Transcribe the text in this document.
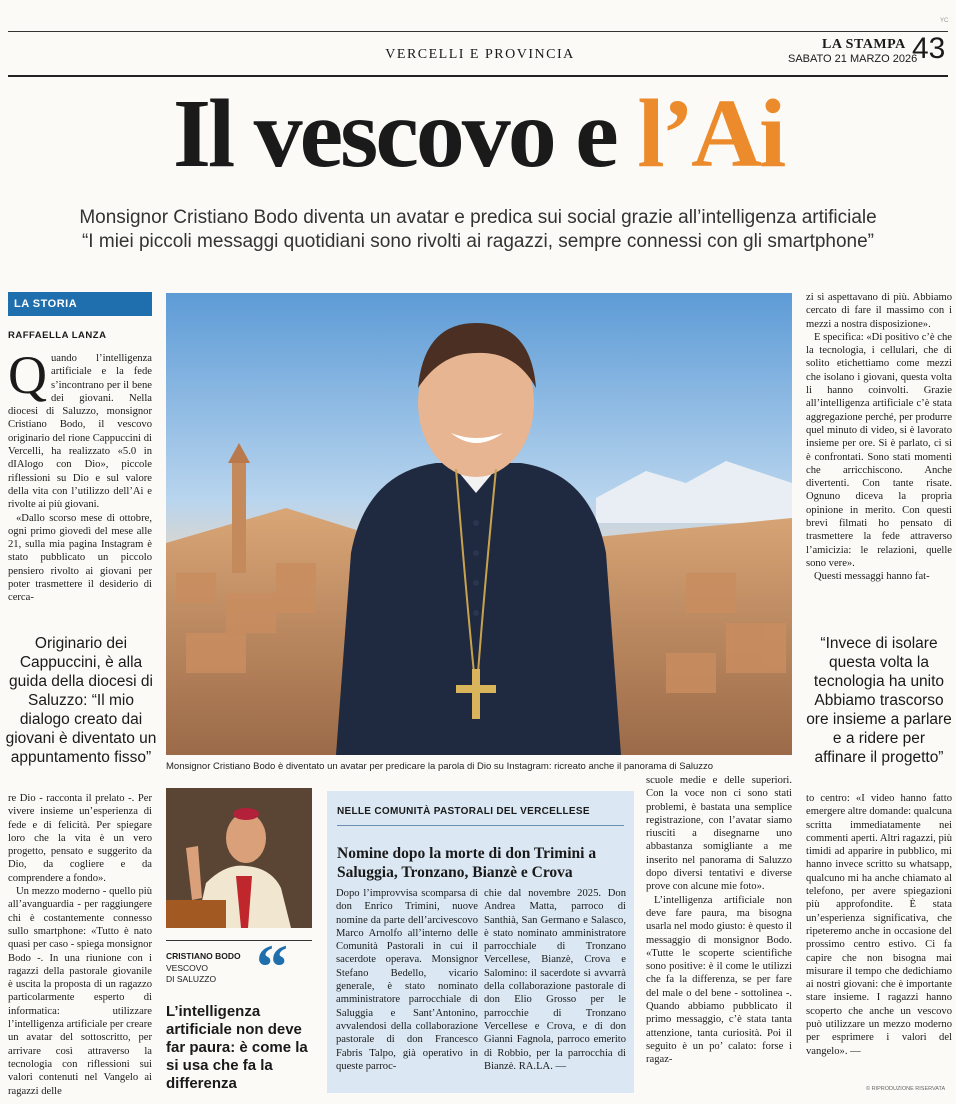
YC
VERCELLI E PROVINCIA
LA STAMPA
SABATO 21 MARZO 2026
43
Il vescovo e l’Ai
Monsignor Cristiano Bodo diventa un avatar e predica sui social grazie all’intelligenza artificiale
“I miei piccoli messaggi quotidiani sono rivolti ai ragazzi, sempre connessi con gli smartphone”
LA STORIA
RAFFAELLA LANZA
Q uando l’intelligenza artificiale e la fede s’incontrano per il bene dei giovani. Nella diocesi di Saluzzo, monsignor Cristiano Bodo, il vescovo originario del rione Cappuccini di Vercelli, ha realizzato «5.0 in dIAlogo con Dio», piccole riflessioni su Dio e sul valore della vita con l’utilizzo dell’Ai e rivolte ai più giovani.

«Dallo scorso mese di ottobre, ogni primo giovedì del mese alle 21, sulla mia pagina Instagram è stato pubblicato un piccolo pensiero rivolto ai giovani per poter trasmettere il desiderio di cerca-

Originario dei Cappuccini, è alla guida della diocesi di Saluzzo: “Il mio dialogo creato dai giovani è diventato un appuntamento fisso”

re Dio - racconta il prelato -. Per vivere insieme un’esperienza di fede e di felicità. Per spiegare loro che la vita è un vero progetto, pensato e suggerito da Dio, da cogliere e da comprendere a fondo».

Un mezzo moderno - quello più all’avanguardia - per raggiungere chi è costantemente connesso sullo smartphone: «Tutto è nato quasi per caso - spiega monsignor Bodo -. In una riunione con i ragazzi della pastorale giovanile è uscita la proposta di un ragazzo particolarmente esperto di informatica: utilizzare l’intelligenza artificiale per creare un avatar del sottoscritto, per arrivare così attraverso la tecnologia con riflessioni sui valori contenuti nel Vangelo ai ragazzi delle

Monsignor Cristiano Bodo è diventato un avatar per predicare la parola di Dio su Instagram: ricreato anche il panorama di Saluzzo

zi si aspettavano di più. Abbiamo cercato di fare il massimo con i mezzi a nostra disposizione».

E specifica: «Di positivo c’è che la tecnologia, i cellulari, che di solito etichettiamo come mezzi che isolano i giovani, questa volta li hanno coinvolti. Grazie all’intelligenza artificiale c’è stata aggregazione perché, per produrre quel minuto di video, si è lavorato insieme per ore. Si è parlato, ci si è confrontati. Sono stati momenti che arricchiscono. Anche divertenti. Con tante risate. Ognuno diceva la propria opinione in merito. Con questi brevi filmati ho pensato di trasmettere la fede attraverso l’amicizia: le relazioni, quelle sono vere».

Questi messaggi hanno fat-

“Invece di isolare questa volta la tecnologia ha unito Abbiamo trascorso ore insieme a parlare e a ridere per affinare il progetto”

to centro: «I video hanno fatto emergere altre domande: qualcuna scritta immediatamente nei commenti aperti. Altri ragazzi, più timidi ad apparire in pubblico, mi hanno invece scritto su whatsapp, qualcuno mi ha anche chiamato al telefono, per avere spiegazioni più approfondite. È stata un’esperienza significativa, che ripeteremo anche in occasione del prossimo centro estivo. Ci fa capire che non bisogna mai misurare il tempo che dedichiamo ai nostri giovani: che è importante stare insieme. I ragazzi hanno scoperto che anche un vescovo può utilizzare un mezzo moderno per esprimere i valori del vangelo». —

CRISTIANO BODO
VESCOVO
DI SALUZZO “
L’intelligenza artificiale non deve far paura: è come la si usa che fa la differenza
NELLE COMUNITÀ PASTORALI DEL VERCELLESE
Nomine dopo la morte di don Trimini a Saluggia, Tronzano, Bianzè e Crova
Dopo l’improvvisa scomparsa di don Enrico Trimini, nuove nomine da parte dell’arcivescovo Marco Arnolfo all’interno delle Comunità Pastorali in cui il sacerdote operava. Monsignor Stefano Bedello, vicario generale, è stato nominato amministratore parrocchiale di Saluggia e Sant’Antonino, avvalendosi della collaborazione pastorale di don Francesco Fabris Talpo, già operativo in queste parroc-
chie dal novembre 2025. Don Andrea Matta, parroco di Santhià, San Germano e Salasco, è stato nominato amministratore parrocchiale di Tronzano Vercellese, Bianzè, Crova e Salomino: il sacerdote si avvarrà della collaborazione pastorale di don Elio Grosso per le parrocchie di Tronzano Vercellese e Crova, e di don Gianni Fagnola, parroco emerito di Robbio, per la parrocchia di Bianzè. RA.LA. —

scuole medie e delle superiori. Con la voce non ci sono stati problemi, è bastata una semplice registrazione, con l’avatar siamo riusciti a disegnarne uno abbastanza somigliante a me inserito nel panorama di Saluzzo dopo diversi tentativi e diverse prove con alcune mie foto».

L’intelligenza artificiale non deve fare paura, ma bisogna usarla nel modo giusto: è questo il messaggio di monsignor Bodo. «Tutte le scoperte scientifiche sono positive: è il come le utilizzi che fa la differenza, se per fare del male o del bene - sottolinea -. Quando abbiamo pubblicato il primo messaggio, c’è stata tanta attenzione, tanta curiosità. Poi il seguito è un po’ calato: forse i ragaz-

© RIPRODUZIONE RISERVATA
